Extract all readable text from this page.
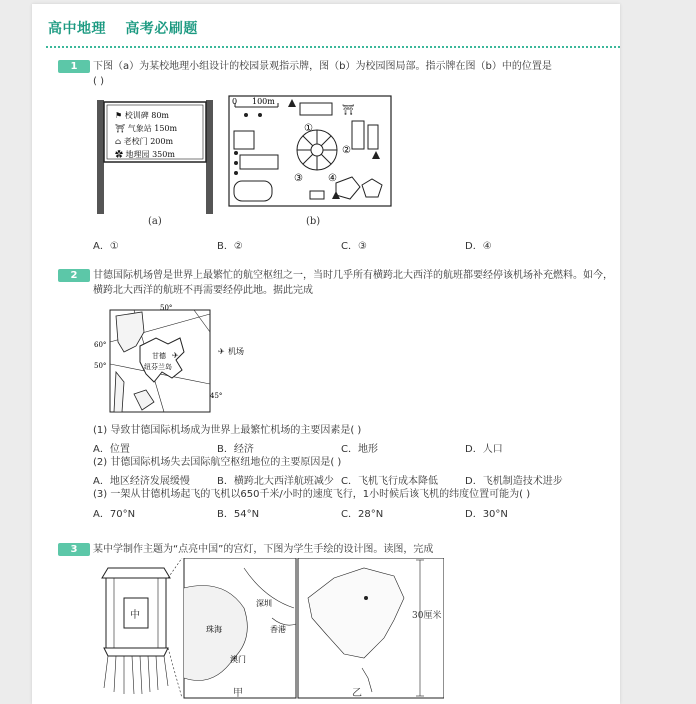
高中地理 高考必刷题
1	下图（a）为某校地理小组设计的校园景观指示牌，图（b）为校园图局部。指示牌在图（b）中的位置是
( )
⚑ 校训碑 80m
⛩ 气象站 150m
⌂ 老校门 200m
✿ 地理园 350m
(a)
0 100m
⛩
①
②
③	④
(b)
A．①	B．②	C．③	D．④
2	甘德国际机场曾是世界上最繁忙的航空枢纽之一，当时几乎所有横跨北大西洋的航班都要经停该机场补充燃料。如今，横跨北大西洋的航班不再需要经停此地。据此完成
50°
60°
50°
45°
甘德 ✈
纽芬兰岛
✈ 机场
(1) 导致甘德国际机场成为世界上最繁忙机场的主要因素是( )
A．位置	B．经济	C．地形	D．人口
(2) 甘德国际机场失去国际航空枢纽地位的主要原因是( )
A．地区经济发展缓慢	B．横跨北大西洋航班减少 C．飞机飞行成本降低	D．飞机制造技术进步
(3) 一架从甘德机场起飞的飞机以650千米/小时的速度飞行，1小时候后该飞机的纬度位置可能为( )
A．70°N	B．54°N	C．28°N	D．30°N
3	某中学制作主题为“点亮中国”的宫灯，下图为学生手绘的设计图。读图，完成
中
深圳
珠海	香港
澳门
30厘米
甲	乙
